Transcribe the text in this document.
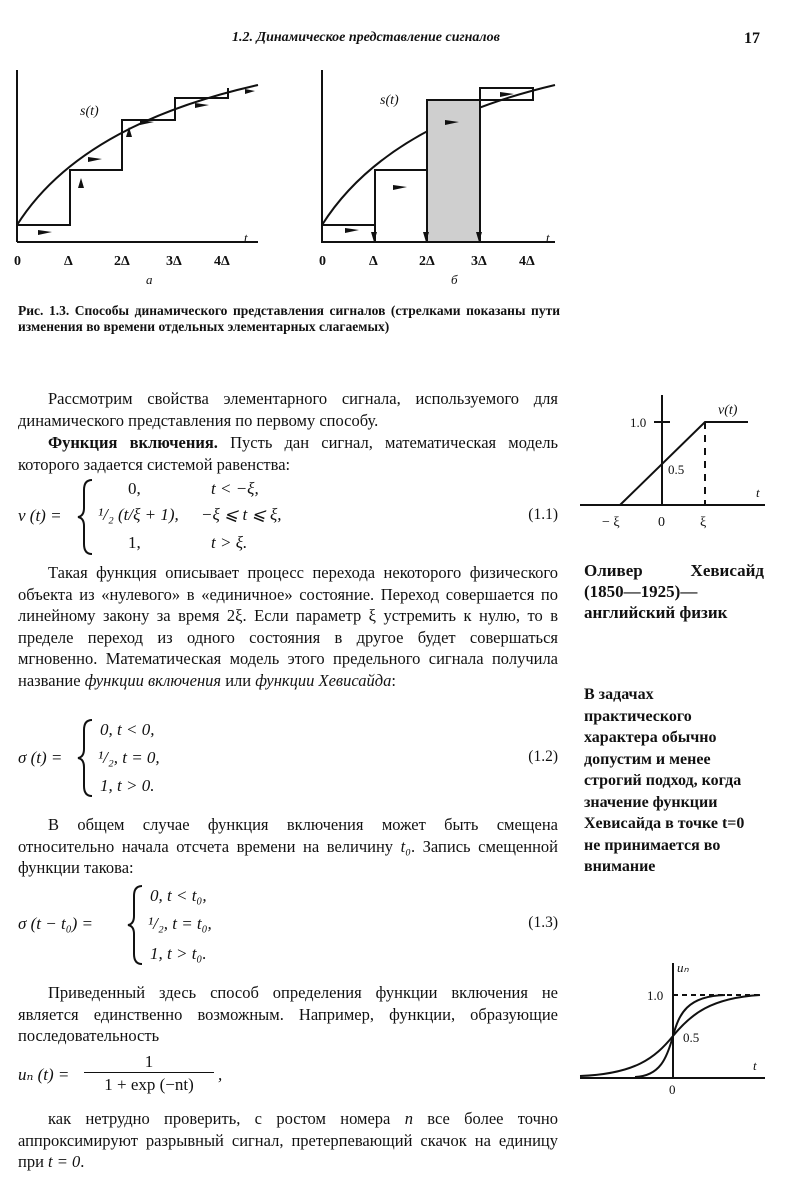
1.2. Динамическое представление сигналов	17
s(t)
t
0	Δ	2Δ	3Δ 4Δ
а
s(t)
t
0	Δ	2Δ	3Δ 4Δ
б
Рис. 1.3. Способы динамического представления сигналов (стрелками показаны пути изменения во времени отдельных элементарных слагаемых)
Рассмотрим свойства элементарного сигнала, используемого для динамического представления по первому способу.
Функция включения. Пусть дан сигнал, математическая модель которого задается системой равенства:
v (t) =
0,	t < −ξ,
¹/₂ (t/ξ + 1), −ξ ⩽ t ⩽ ξ,
1,	t > ξ.
(1.1)
Такая функция описывает процесс перехода некоторого физического объекта из «нулевого» в «единичное» состояние. Переход совершается по линейному закону за время 2ξ. Если параметр ξ устремить к нулю, то в пределе переход из одного состояния в другое будет совершаться мгновенно. Математическая модель этого предельного сигнала получила название функции включения или функции Хевисайда:
σ (t) =
0, t < 0,
¹/₂, t = 0,
1, t > 0.
(1.2)
В общем случае функция включения может быть смещена относительно начала отсчета времени на величину t₀. Запись смещенной функции такова:
σ (t − t₀) =
0, t < t₀,
¹/₂, t = t₀,
1, t > t₀.
(1.3)
Приведенный здесь способ определения функции включения не является единственно возможным. Например, функции, образующие последовательность
uₙ $(t) = \frac{1}{1 + \exp (-nt)}$ ,
как нетрудно проверить, с ростом номера n все более точно аппроксимируют разрывный сигнал, претерпевающий скачок на единицу при t = 0.
v(t)
1.0
0.5
t
− ξ	0	ξ
Оливер Хевисайд (1850—1925)—английский физик
В задачах практического характера обычно допустим и менее строгий подход, когда значение функции Хевисайда в точке t=0 не принимается во внимание
uₙ
1.0
0.5
t
0
